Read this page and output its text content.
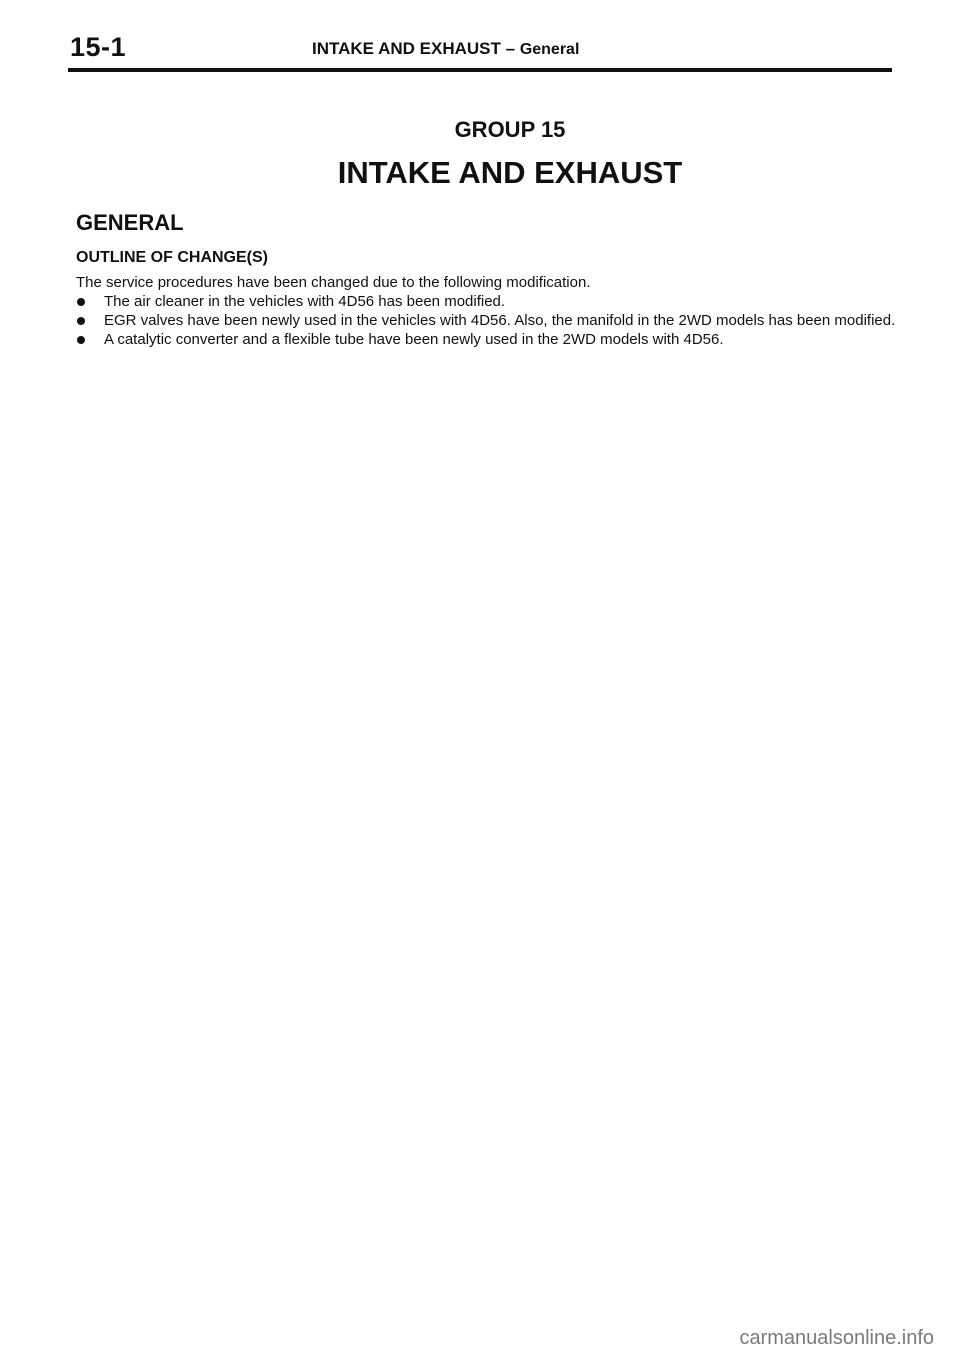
15-1	INTAKE AND EXHAUST – General
GROUP 15
INTAKE AND EXHAUST
GENERAL
OUTLINE OF CHANGE(S)
The service procedures have been changed due to the following modification.
The air cleaner in the vehicles with 4D56 has been modified.
EGR valves have been newly used in the vehicles with 4D56. Also, the manifold in the 2WD models has been modified.
A catalytic converter and a flexible tube have been newly used in the 2WD models with 4D56.
carmanualsonline.info
